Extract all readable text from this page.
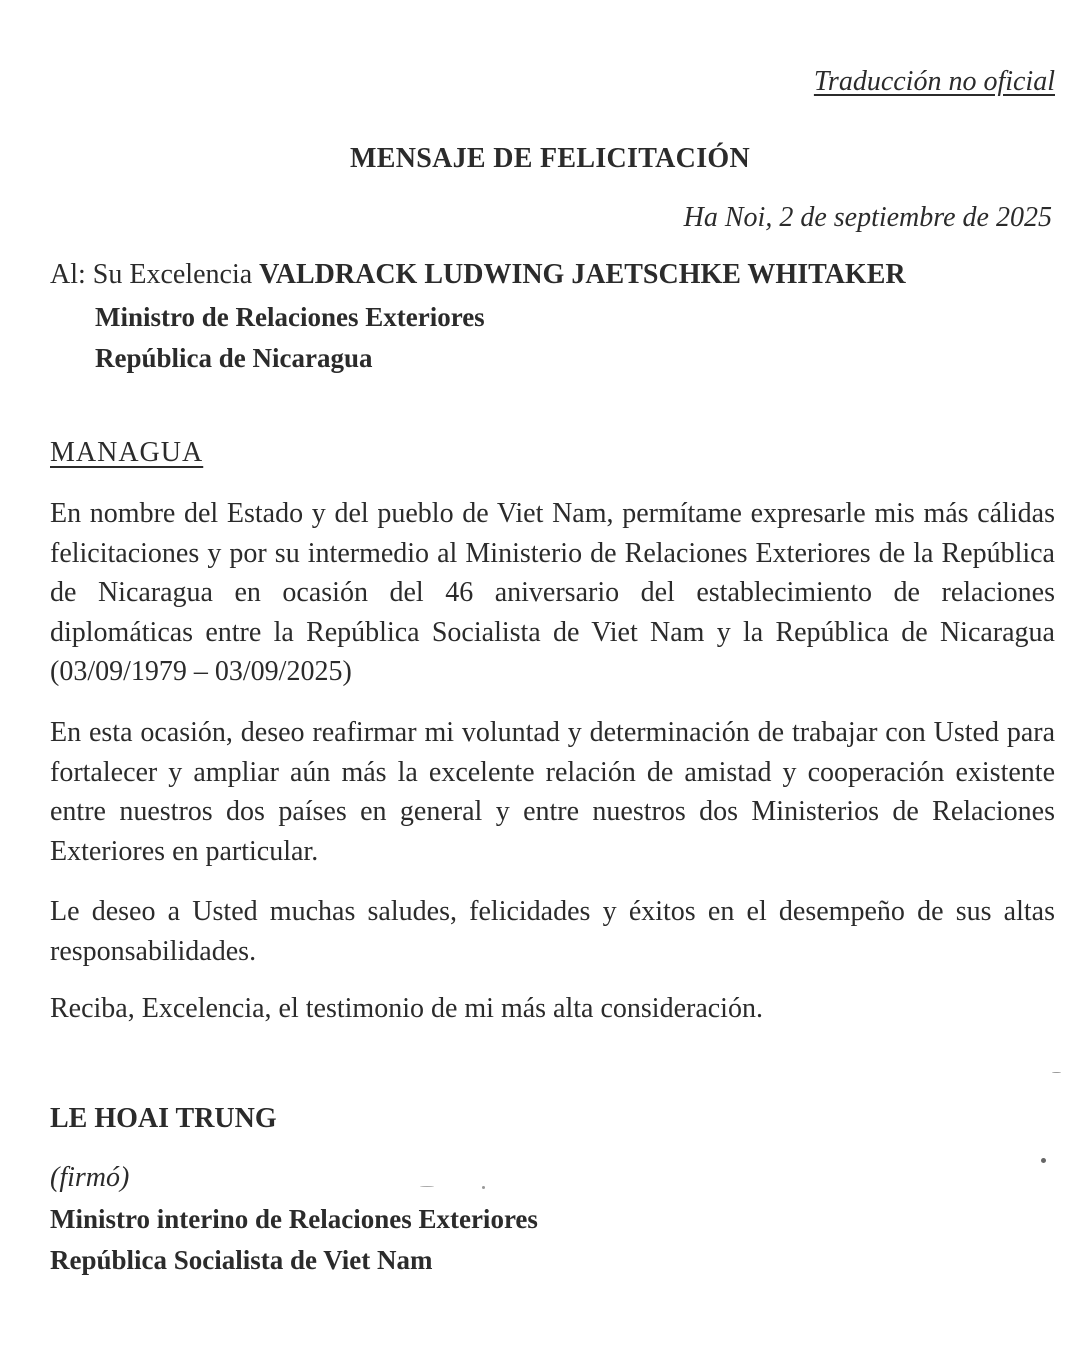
Traducción no oficial
MENSAJE DE FELICITACIÓN
Ha Noi, 2 de septiembre de 2025
Al: Su Excelencia VALDRACK LUDWING JAETSCHKE WHITAKER
Ministro de Relaciones Exteriores
República de Nicaragua
MANAGUA

En nombre del Estado y del pueblo de Viet Nam, permítame expresarle mis más cálidas felicitaciones y por su intermedio al Ministerio de Relaciones Exteriores de la República de Nicaragua en ocasión del 46 aniversario del establecimiento de relaciones diplomáticas entre la República Socialista de Viet Nam y la República de Nicaragua (03/09/1979 – 03/09/2025)

En esta ocasión, deseo reafirmar mi voluntad y determinación de trabajar con Usted para fortalecer y ampliar aún más la excelente relación de amistad y cooperación existente entre nuestros dos países en general y entre nuestros dos Ministerios de Relaciones Exteriores en particular.

Le deseo a Usted muchas saludes, felicidades y éxitos en el desempeño de sus altas responsabilidades.

Reciba, Excelencia, el testimonio de mi más alta consideración.

LE HOAI TRUNG
(firmó)
Ministro interino de Relaciones Exteriores
República Socialista de Viet Nam
